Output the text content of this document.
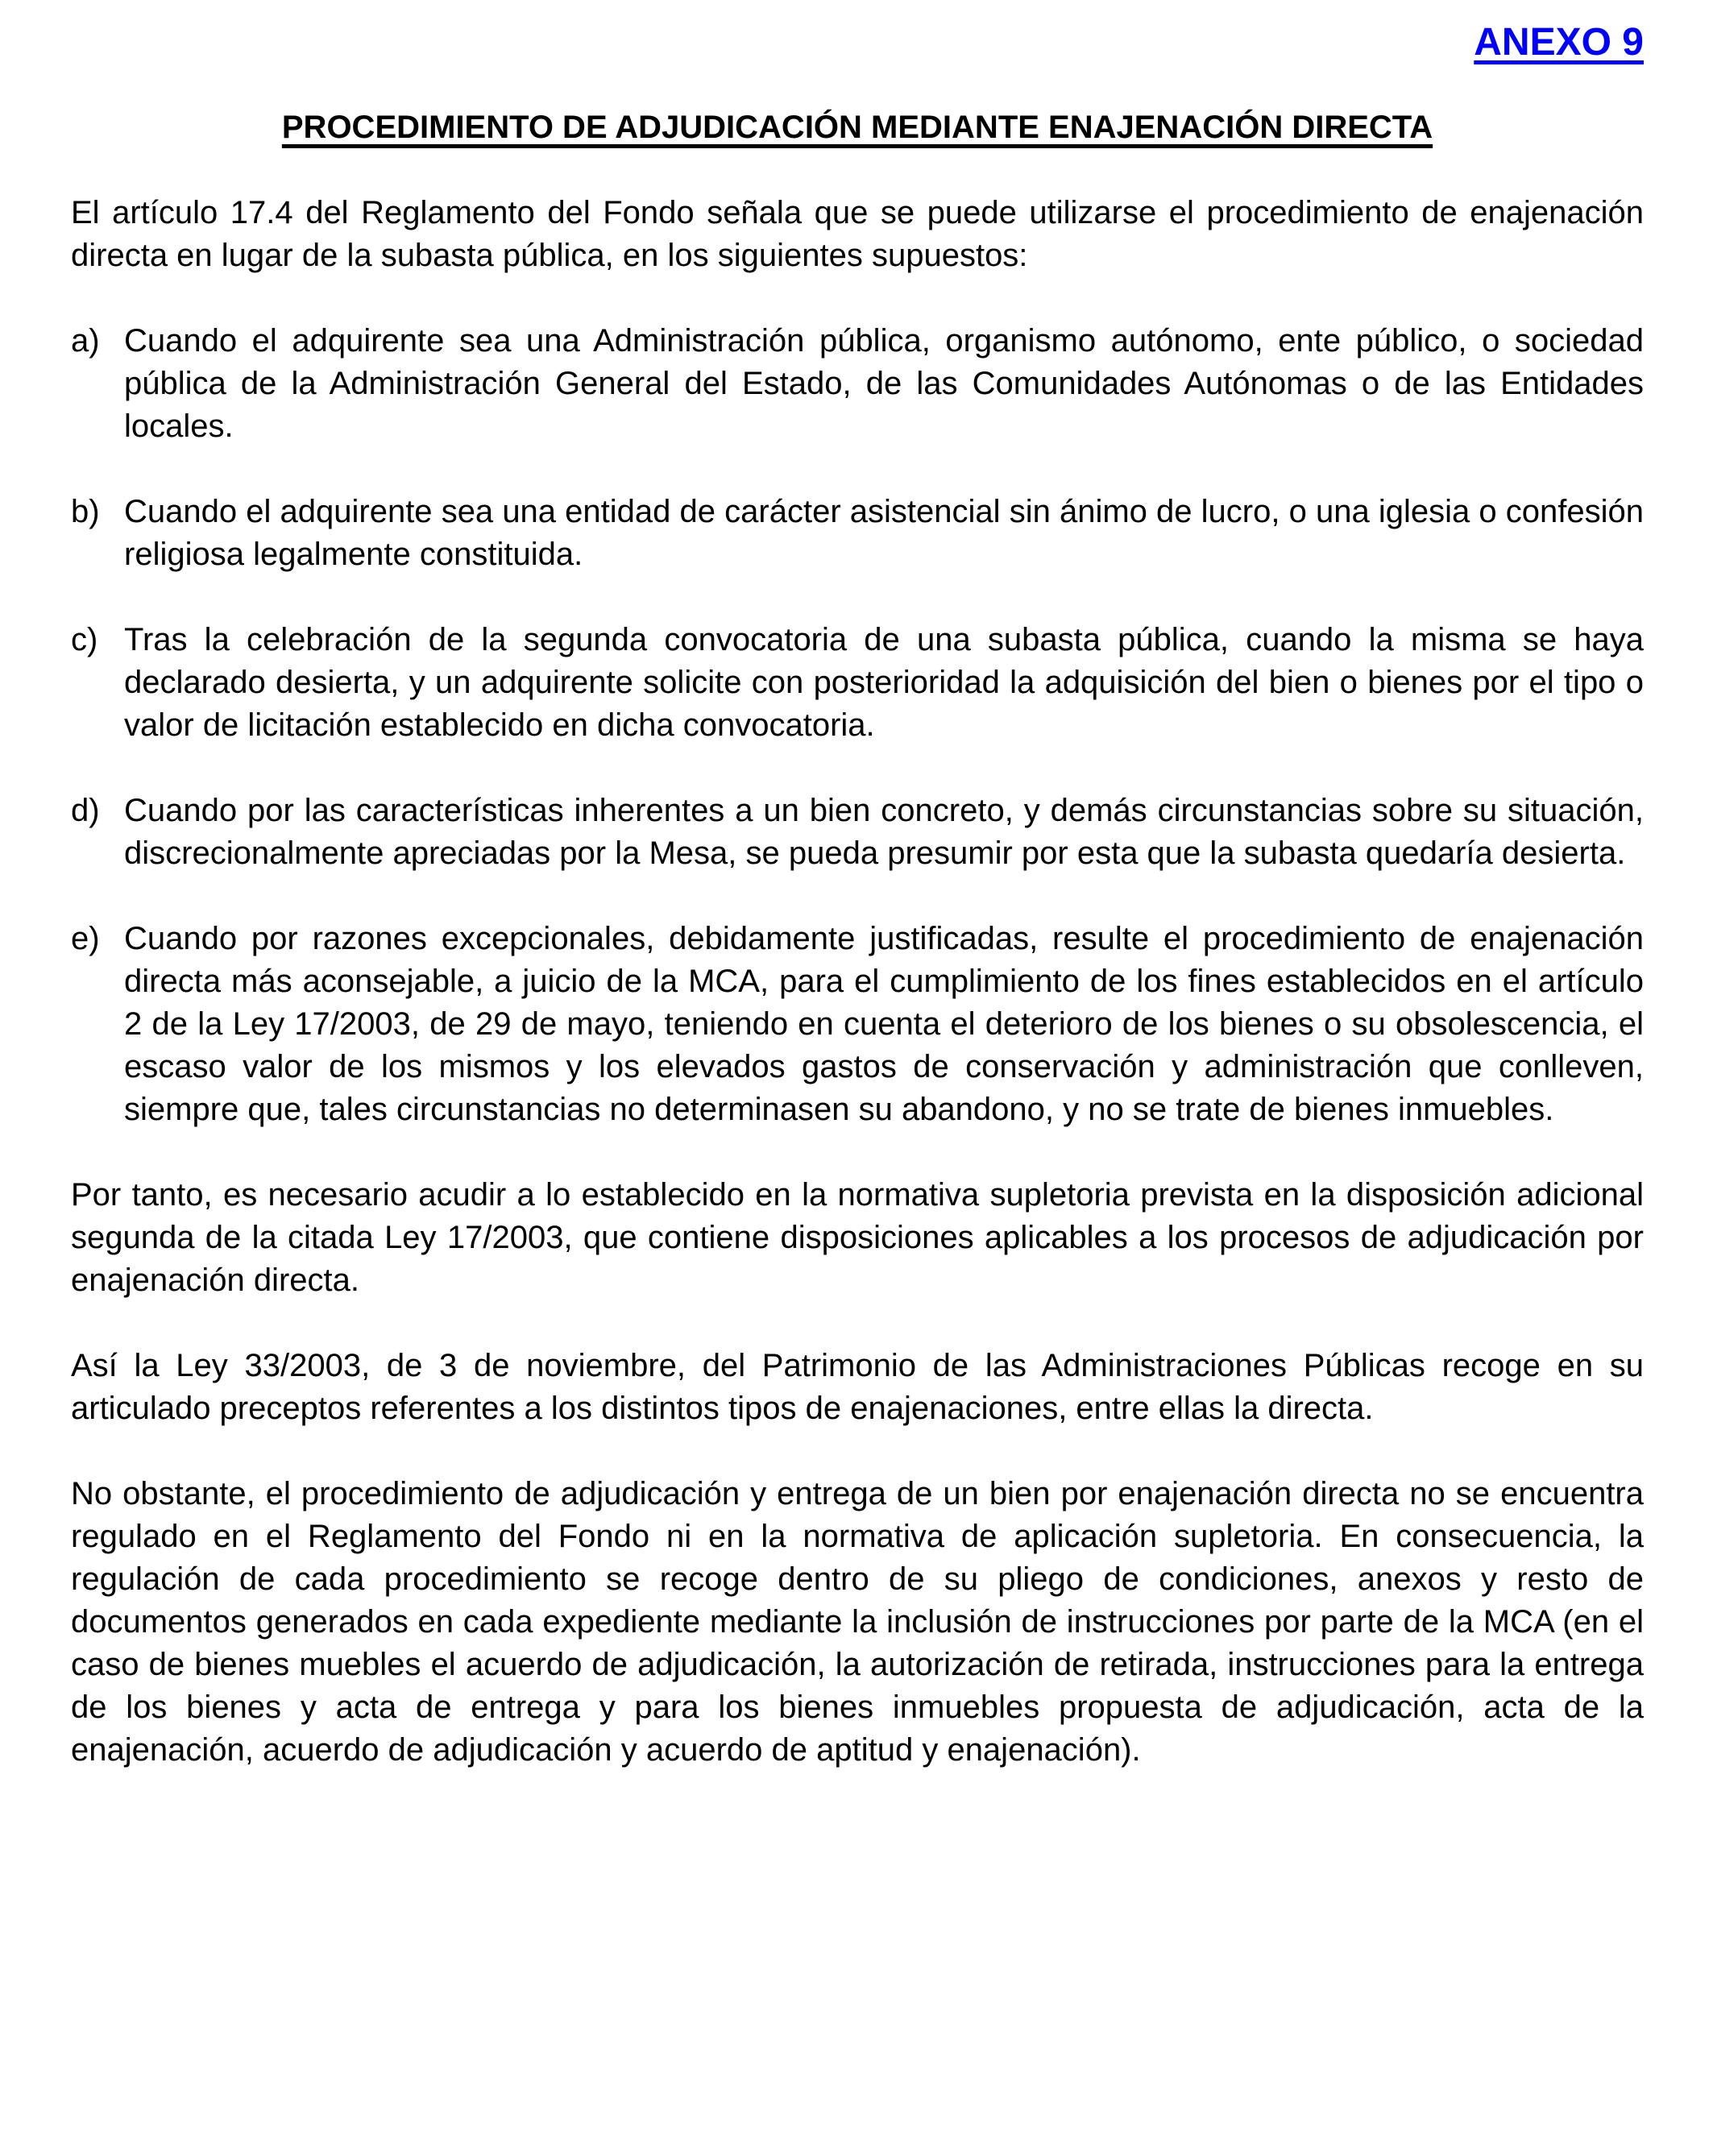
ANEXO 9
PROCEDIMIENTO DE ADJUDICACIÓN MEDIANTE ENAJENACIÓN DIRECTA

El artículo 17.4 del Reglamento del Fondo señala que se puede utilizarse el procedimiento de enajenación directa en lugar de la subasta pública, en los siguientes supuestos:

a) Cuando el adquirente sea una Administración pública, organismo autónomo, ente público, o sociedad pública de la Administración General del Estado, de las Comunidades Autónomas o de las Entidades locales.
b) Cuando el adquirente sea una entidad de carácter asistencial sin ánimo de lucro, o una iglesia o confesión religiosa legalmente constituida.
c) Tras la celebración de la segunda convocatoria de una subasta pública, cuando la misma se haya declarado desierta, y un adquirente solicite con posterioridad la adquisición del bien o bienes por el tipo o valor de licitación establecido en dicha convocatoria.
d) Cuando por las características inherentes a un bien concreto, y demás circunstancias sobre su situación, discrecionalmente apreciadas por la Mesa, se pueda presumir por esta que la subasta quedaría desierta.
e) Cuando por razones excepcionales, debidamente justificadas, resulte el procedimiento de enajenación directa más aconsejable, a juicio de la MCA, para el cumplimiento de los fines establecidos en el artículo 2 de la Ley 17/2003, de 29 de mayo, teniendo en cuenta el deterioro de los bienes o su obsolescencia, el escaso valor de los mismos y los elevados gastos de conservación y administración que conlleven, siempre que, tales circunstancias no determinasen su abandono, y no se trate de bienes inmuebles.

Por tanto, es necesario acudir a lo establecido en la normativa supletoria prevista en la disposición adicional segunda de la citada Ley 17/2003, que contiene disposiciones aplicables a los procesos de adjudicación por enajenación directa.

Así la Ley 33/2003, de 3 de noviembre, del Patrimonio de las Administraciones Públicas recoge en su articulado preceptos referentes a los distintos tipos de enajenaciones, entre ellas la directa.

No obstante, el procedimiento de adjudicación y entrega de un bien por enajenación directa no se encuentra regulado en el Reglamento del Fondo ni en la normativa de aplicación supletoria. En consecuencia, la regulación de cada procedimiento se recoge dentro de su pliego de condiciones, anexos y resto de documentos generados en cada expediente mediante la inclusión de instrucciones por parte de la MCA (en el caso de bienes muebles el acuerdo de adjudicación, la autorización de retirada, instrucciones para la entrega de los bienes y acta de entrega y para los bienes inmuebles propuesta de adjudicación, acta de la enajenación, acuerdo de adjudicación y acuerdo de aptitud y enajenación).
